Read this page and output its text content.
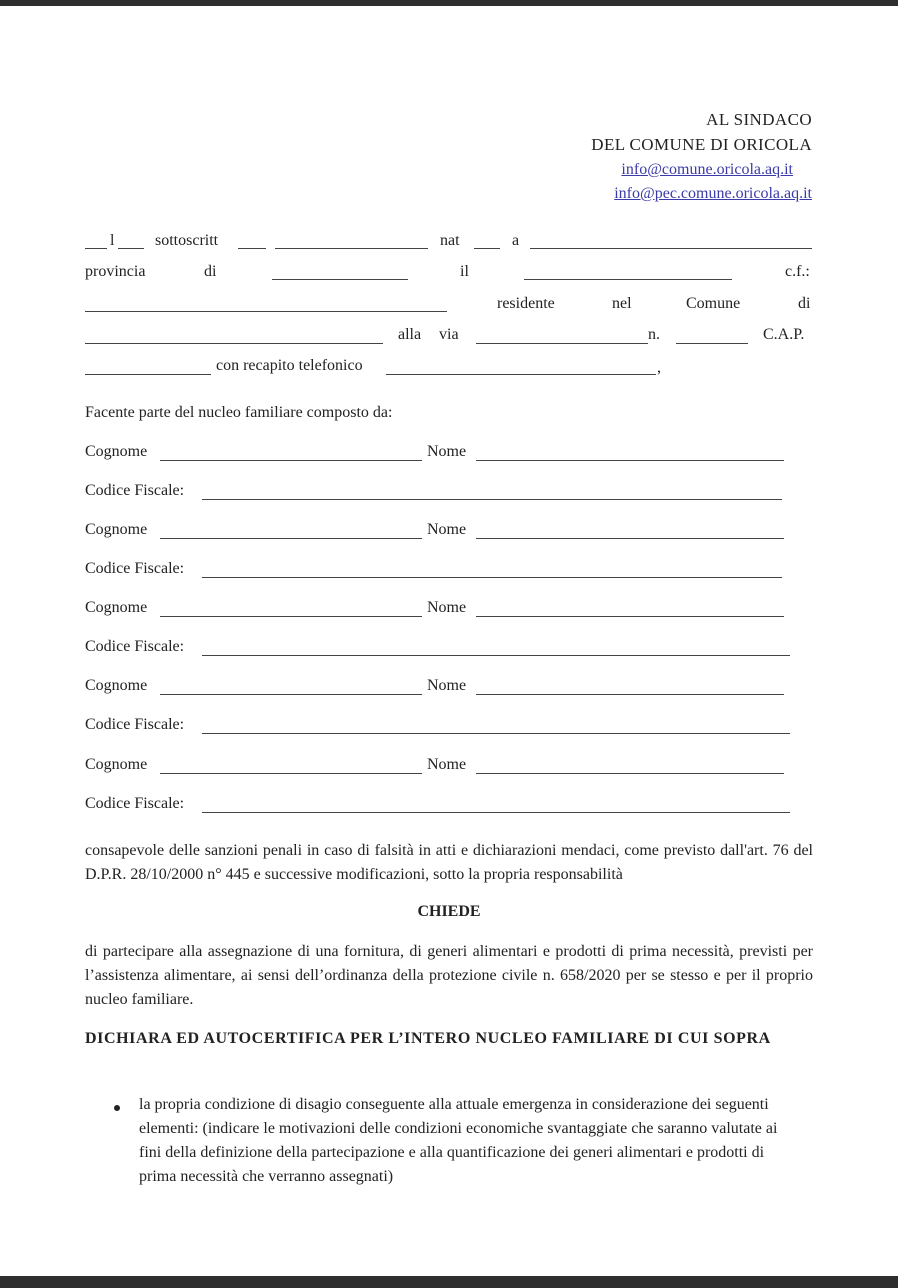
AL SINDACO
DEL COMUNE DI ORICOLA
info@comune.oricola.aq.it
info@pec.comune.oricola.aq.it
l	sottoscritt	nat	a
provincia	di	il	c.f.:
residente	nel	Comune	di
alla via	n.	C.A.P.
con recapito telefonico	,
Facente parte del nucleo familiare composto da:
Cognome	Nome
Codice Fiscale:
Cognome	Nome
Codice Fiscale:
Cognome	Nome
Codice Fiscale:
Cognome	Nome
Codice Fiscale:
Cognome	Nome
Codice Fiscale:
consapevole delle sanzioni penali in caso di falsità in atti e dichiarazioni mendaci, come previsto dall'art. 76 del D.P.R. 28/10/2000 n° 445 e successive modificazioni, sotto la propria responsabilità
CHIEDE
di partecipare alla assegnazione di una fornitura, di generi alimentari e prodotti di prima necessità, previsti per l’assistenza alimentare, ai sensi dell’ordinanza della protezione civile n. 658/2020 per se stesso e per il proprio nucleo familiare.
DICHIARA ED AUTOCERTIFICA PER L’INTERO NUCLEO FAMILIARE DI CUI SOPRA
la propria condizione di disagio conseguente alla attuale emergenza in considerazione dei seguenti elementi: (indicare le motivazioni delle condizioni economiche svantaggiate che saranno valutate ai fini della definizione della partecipazione e alla quantificazione dei generi alimentari e prodotti di prima necessità che verranno assegnati)
